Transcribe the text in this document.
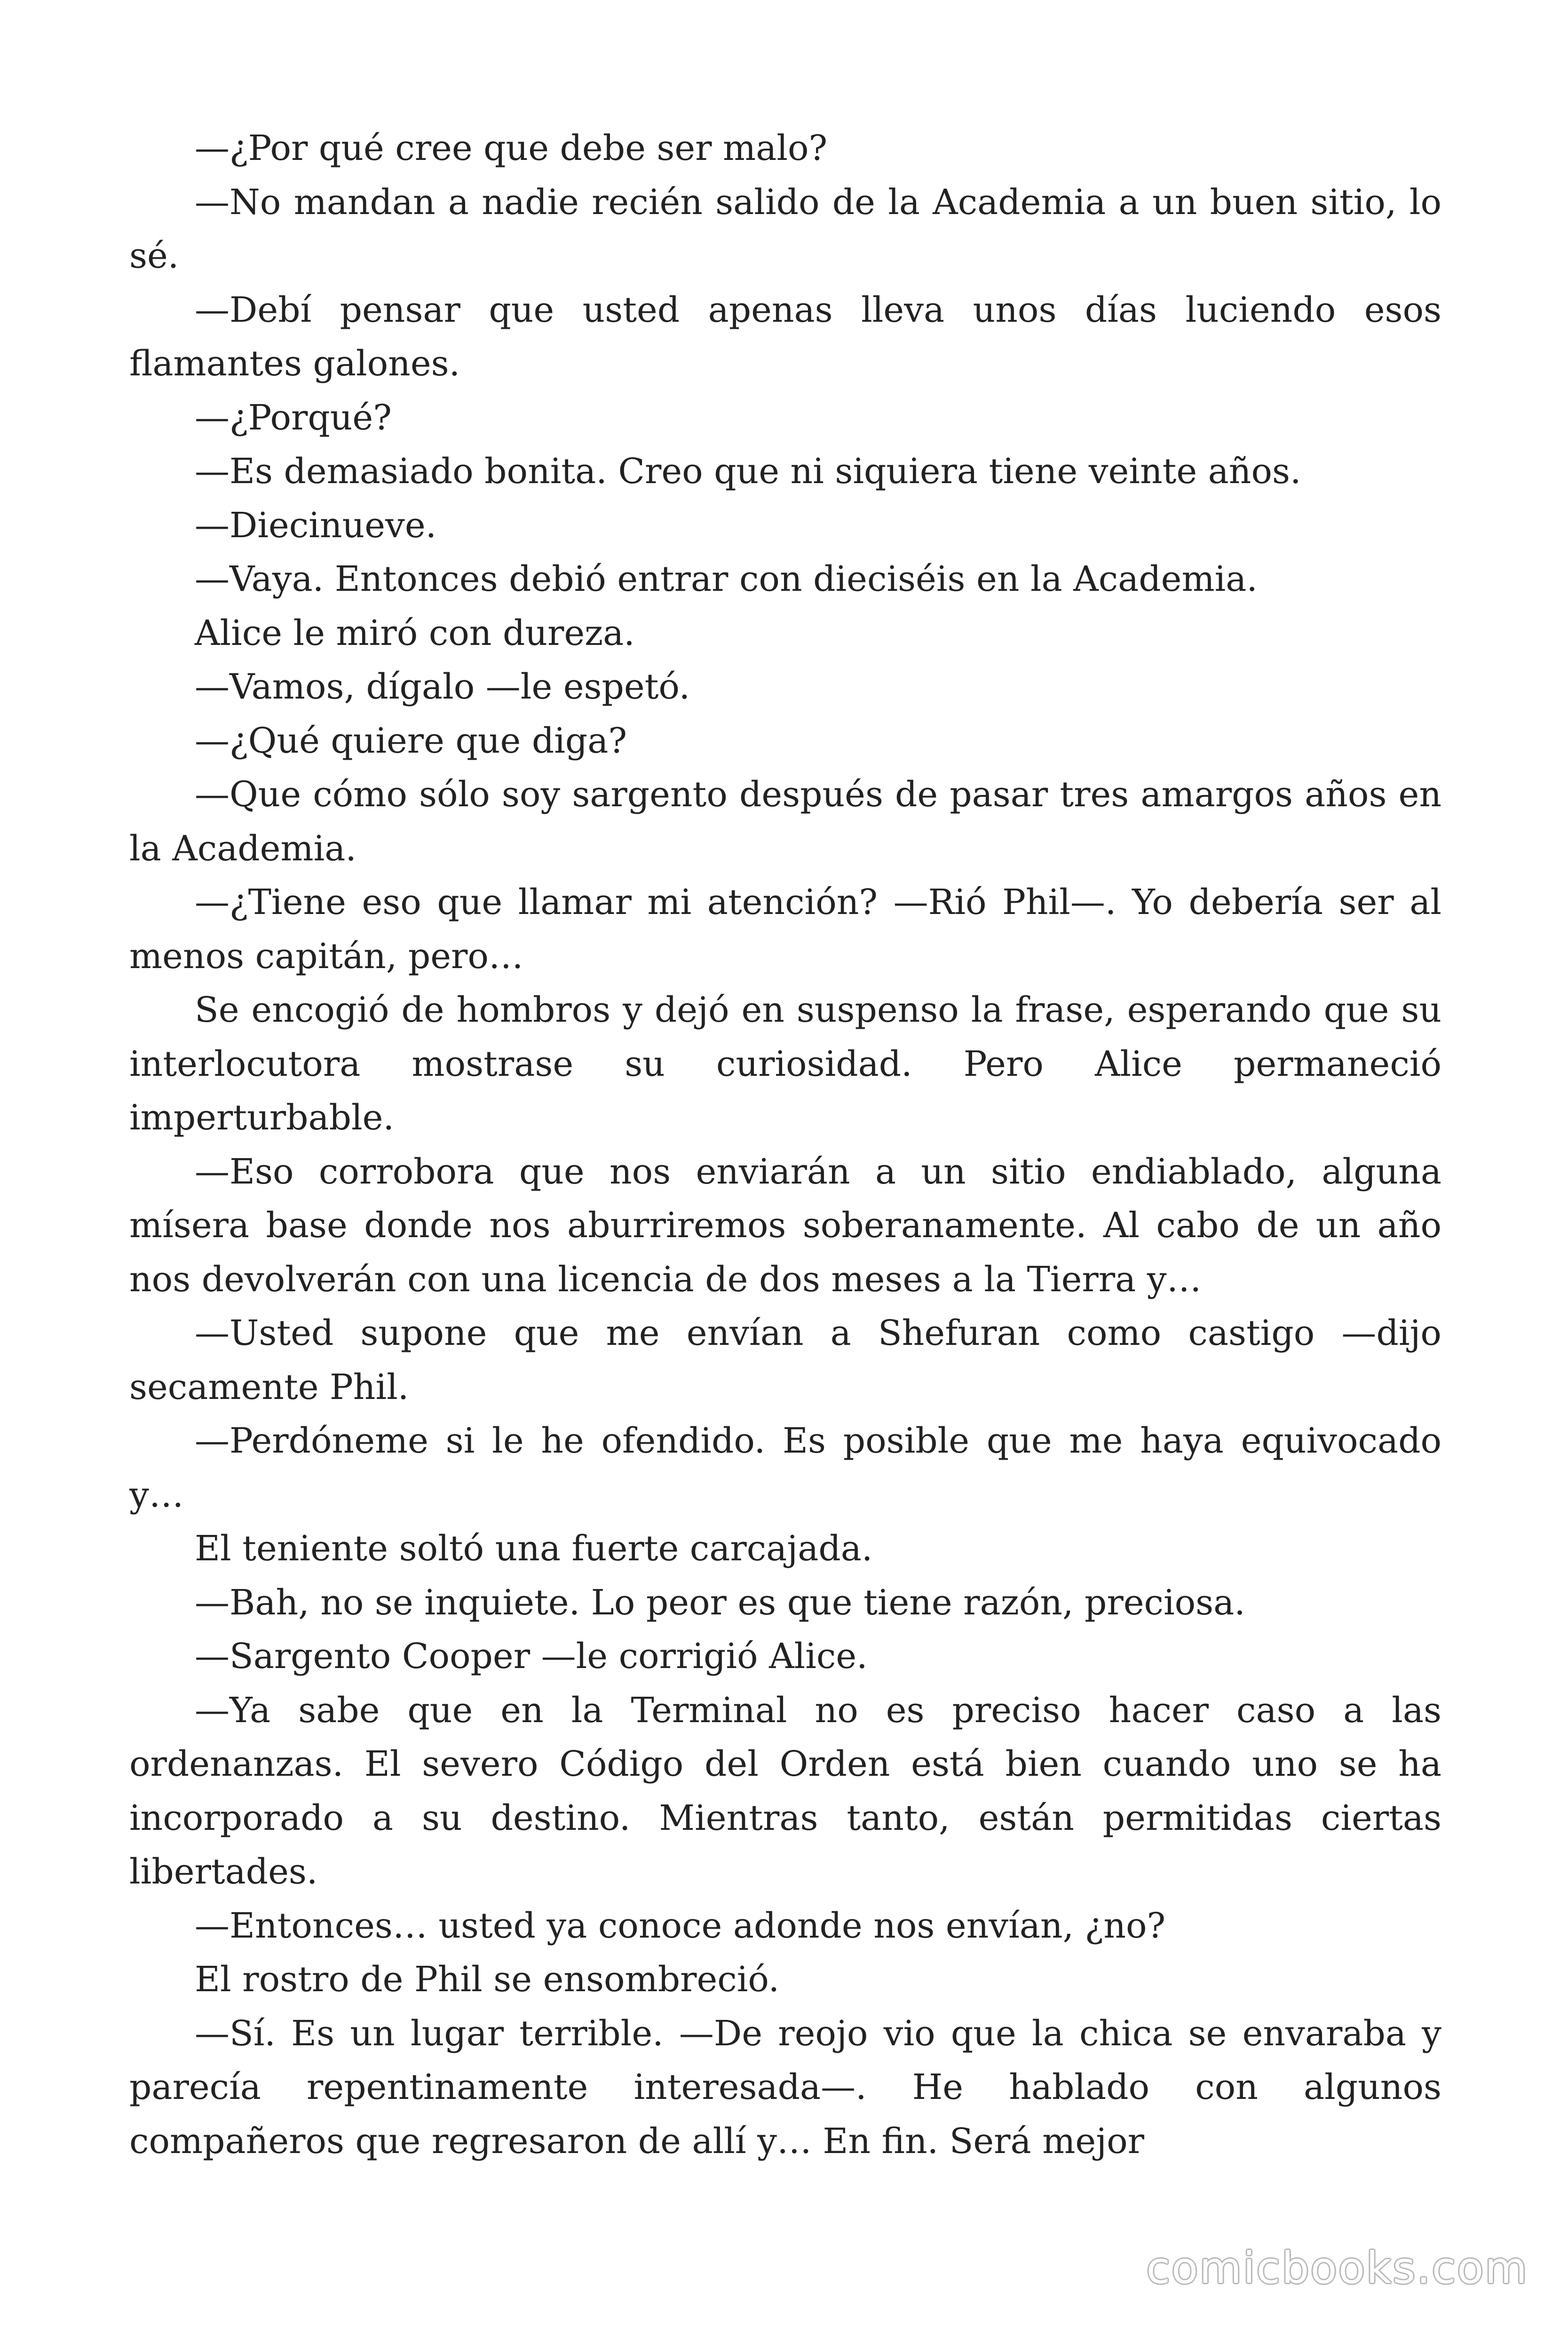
—¿Por qué cree que debe ser malo?

—No mandan a nadie recién salido de la Academia a un buen sitio, lo sé.

—Debí pensar que usted apenas lleva unos días luciendo esos flamantes galones.

—¿Porqué?

—Es demasiado bonita. Creo que ni siquiera tiene veinte años.

—Diecinueve.

—Vaya. Entonces debió entrar con dieciséis en la Academia.

Alice le miró con dureza.

—Vamos, dígalo —le espetó.

—¿Qué quiere que diga?

—Que cómo sólo soy sargento después de pasar tres amargos años en la Academia.

—¿Tiene eso que llamar mi atención? —Rió Phil—. Yo debería ser al menos capitán, pero…

Se encogió de hombros y dejó en suspenso la frase, esperando que su interlocutora mostrase su curiosidad. Pero Alice permaneció imperturbable.

—Eso corrobora que nos enviarán a un sitio endiablado, alguna mísera base donde nos aburriremos soberanamente. Al cabo de un año nos devolverán con una licencia de dos meses a la Tierra y…

—Usted supone que me envían a Shefuran como castigo —dijo secamente Phil.

—Perdóneme si le he ofendido. Es posible que me haya equivocado y…

El teniente soltó una fuerte carcajada.

—Bah, no se inquiete. Lo peor es que tiene razón, preciosa.

—Sargento Cooper —le corrigió Alice.

—Ya sabe que en la Terminal no es preciso hacer caso a las ordenanzas. El severo Código del Orden está bien cuando uno se ha incorporado a su destino. Mientras tanto, están permitidas ciertas libertades.

—Entonces… usted ya conoce adonde nos envían, ¿no?

El rostro de Phil se ensombreció.

—Sí. Es un lugar terrible. —De reojo vio que la chica se envaraba y parecía repentinamente interesada—. He hablado con algunos compañeros que regresaron de allí y… En fin. Será mejor

comicbooks.com
